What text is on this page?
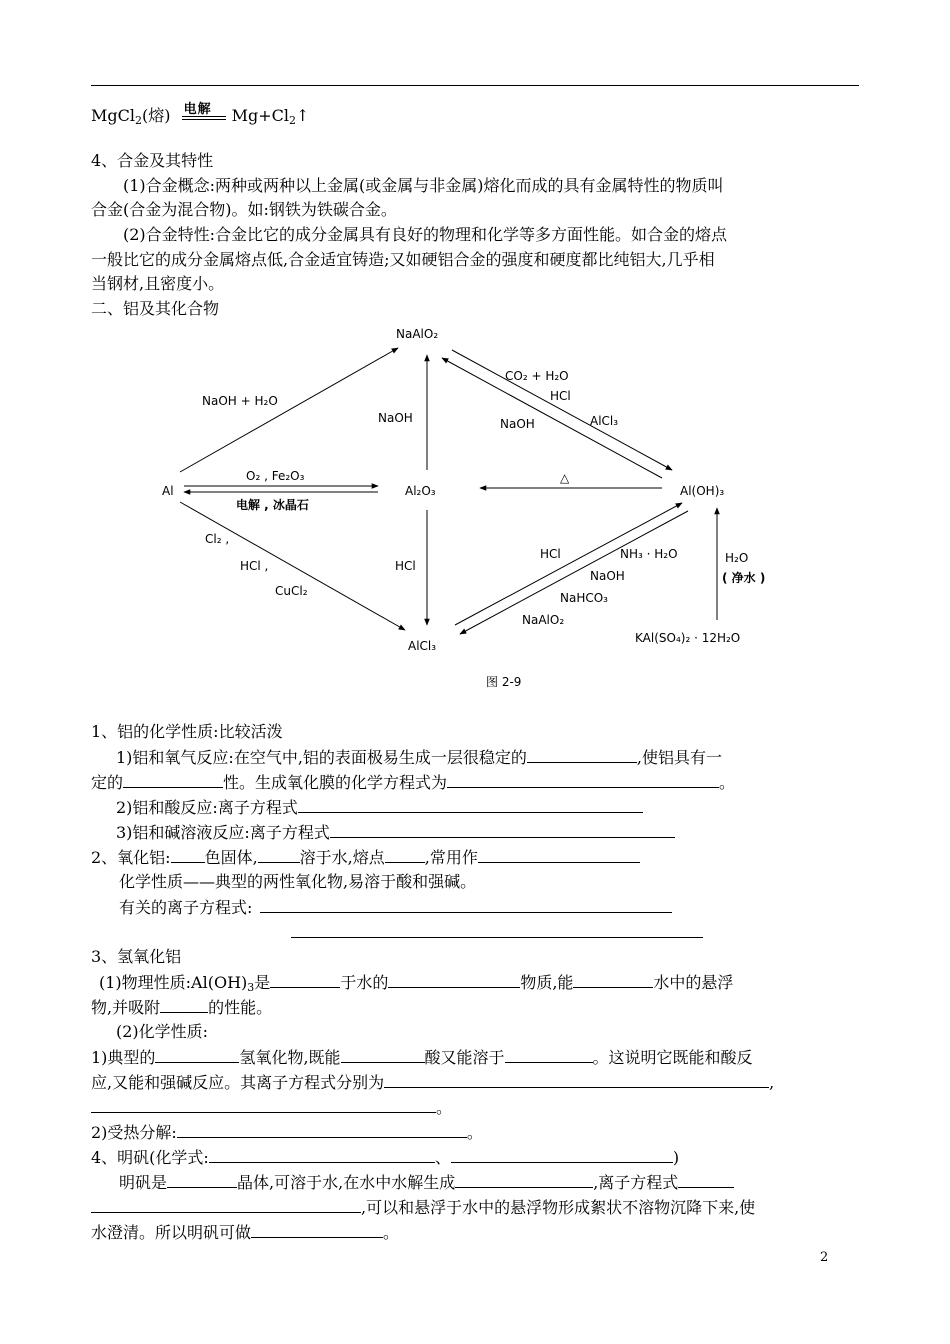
MgCl$_2$(熔) 电解 $Mg+Cl_2↑$
4、合金及其特性
(1)合金概念:两种或两种以上金属(或金属与非金属)熔化而成的具有金属特性的物质叫
合金(合金为混合物)。如:钢铁为铁碳合金。
(2)合金特性:合金比它的成分金属具有良好的物理和化学等多方面性能。如合金的熔点
一般比它的成分金属熔点低,合金适宜铸造;又如硬铝合金的强度和硬度都比纯铝大,几乎相
当钢材,且密度小。
二、铝及其化合物
NaAlO₂
Al	Al₂O₃	Al(OH)₃
AlCl₃
KAl(SO₄)₂ · 12H₂O
NaOH + H₂O
NaOH
CO₂ + H₂O
HCl
AlCl₃
NaOH
O₂ , Fe₂O₃
电解 , 冰晶石
△
Cl₂ ,
HCl ,
CuCl₂
HCl
HCl	NH₃ · H₂O
NaOH
NaHCO₃
NaAlO₂
H₂O
( 净水 )
图 2-9
1、铝的化学性质:比较活泼
1)铝和氧气反应:在空气中,铝的表面极易生成一层很稳定的	,使铝具有一
定的	性。生成氧化膜的化学方程式为	。
2)铝和酸反应:离子方程式
3)铝和碱溶液反应:离子方程式
2、氧化铝: 色固体,	溶于水,熔点	,常用作
化学性质——典型的两性氧化物,易溶于酸和强碱。
有关的离子方程式:
3、氢氧化铝
(1)物理性质$:Al(OH)_3$是	于水的	物质,能	水中的悬浮
物,并吸附	的性能。
(2)化学性质:
1)典型的	氢氧化物,既能	酸又能溶于	。这说明它既能和酸反
应,又能和强碱反应。其离子方程式分别为	,
。
2)受热分解:	。
4、明矾(化学式:	、	)
明矾是	晶体,可溶于水,在水中水解生成	,离子方程式
,可以和悬浮于水中的悬浮物形成絮状不溶物沉降下来,使
水澄清。所以明矾可做	。
2
